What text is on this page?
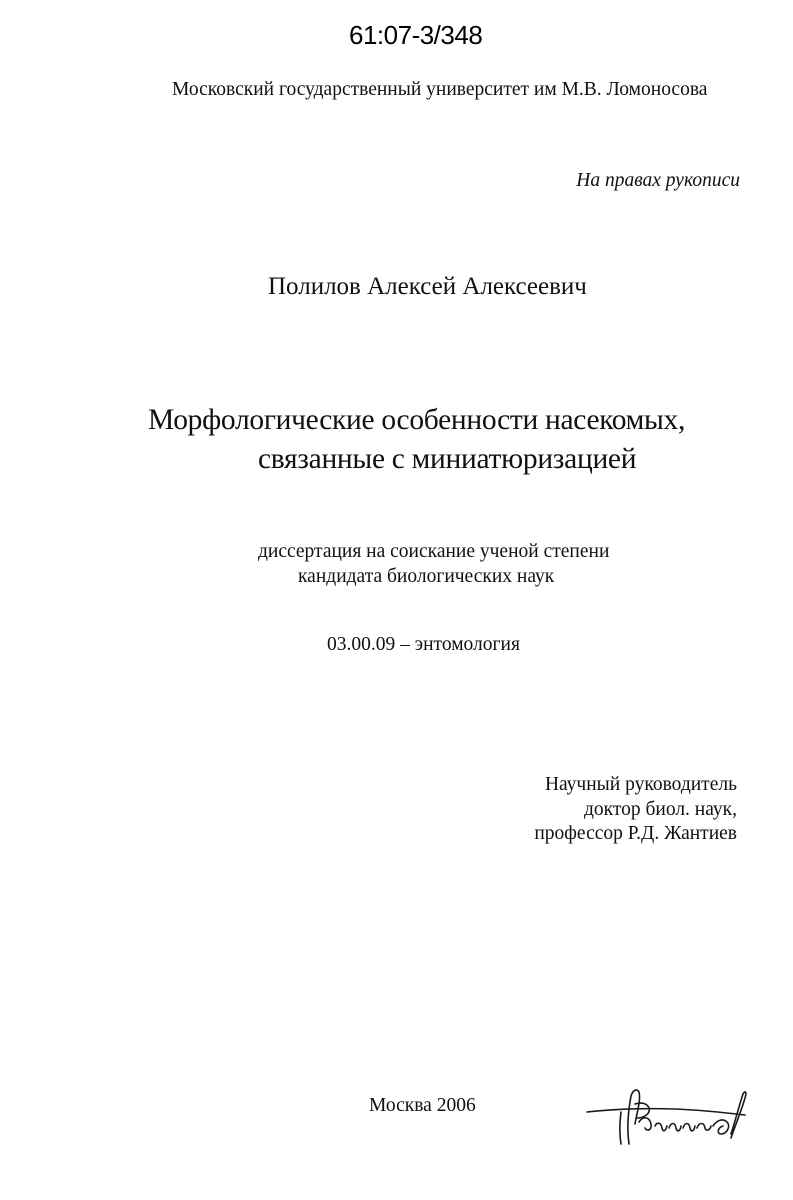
61:07-3/348
Московский государственный университет им М.В. Ломоносова
На правах рукописи
Полилов Алексей Алексеевич
Морфологические особенности насекомых,
связанные с миниатюризацией
диссертация на соискание ученой степени
кандидата биологических наук
03.00.09 – энтомология
Научный руководитель
доктор биол. наук,
профессор Р.Д. Жантиев
Москва 2006
